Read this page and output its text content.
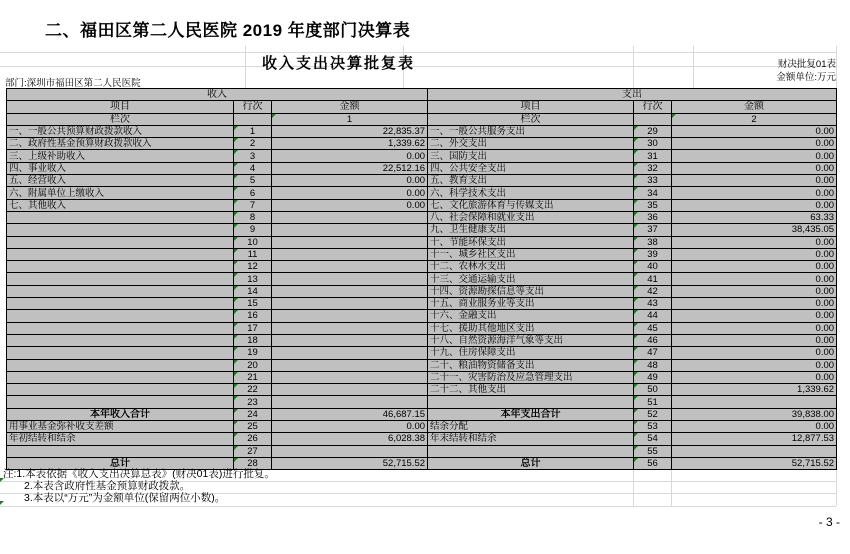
二、福田区第二人民医院 2019 年度部门决算表
收入支出决算批复表	财决批复01表
金额单位:万元
部门:深圳市福田区第二人民医院
收入			支出		
项目	行次	金额	项目	行次	金额
栏次		1	栏次		2
一、一般公共预算财政拨款收入	1	22,835.37	一、一般公共服务支出	29	0.00
二、政府性基金预算财政拨款收入	2	1,339.62	二、外交支出	30	0.00
三、上级补助收入	3	0.00	三、国防支出	31	0.00
四、事业收入	4	22,512.16	四、公共安全支出	32	0.00
五、经营收入	5	0.00	五、教育支出	33	0.00
六、附属单位上缴收入	6	0.00	六、科学技术支出	34	0.00
七、其他收入	7	0.00	七、文化旅游体育与传媒支出	35	0.00
	8		八、社会保障和就业支出	36	63.33
	9		九、卫生健康支出	37	38,435.05
	10		十、节能环保支出	38	0.00
	11		十一、城乡社区支出	39	0.00
	12		十二、农林水支出	40	0.00
	13		十三、交通运输支出	41	0.00
	14		十四、资源勘探信息等支出	42	0.00
	15		十五、商业服务业等支出	43	0.00
	16		十六、金融支出	44	0.00
	17		十七、援助其他地区支出	45	0.00
	18		十八、自然资源海洋气象等支出	46	0.00
	19		十九、住房保障支出	47	0.00
	20		二十、粮油物资储备支出	48	0.00
	21		二十一、灾害防治及应急管理支出	49	0.00
	22		二十二、其他支出	50	1,339.62
	23			51	
本年收入合计	24	46,687.15	本年支出合计	52	39,838.00
用事业基金弥补收支差额	25	0.00	结余分配	53	0.00
年初结转和结余	26	6,028.38	年末结转和结余	54	12,877.53
	27			55	
总计	28	52,715.52	总计	56	52,715.52
注:1.本表依据《收入支出决算总表》(财决01表)进行批复。
2.本表含政府性基金预算财政拨款。
3.本表以“万元”为金额单位(保留两位小数)。
- 3 -
